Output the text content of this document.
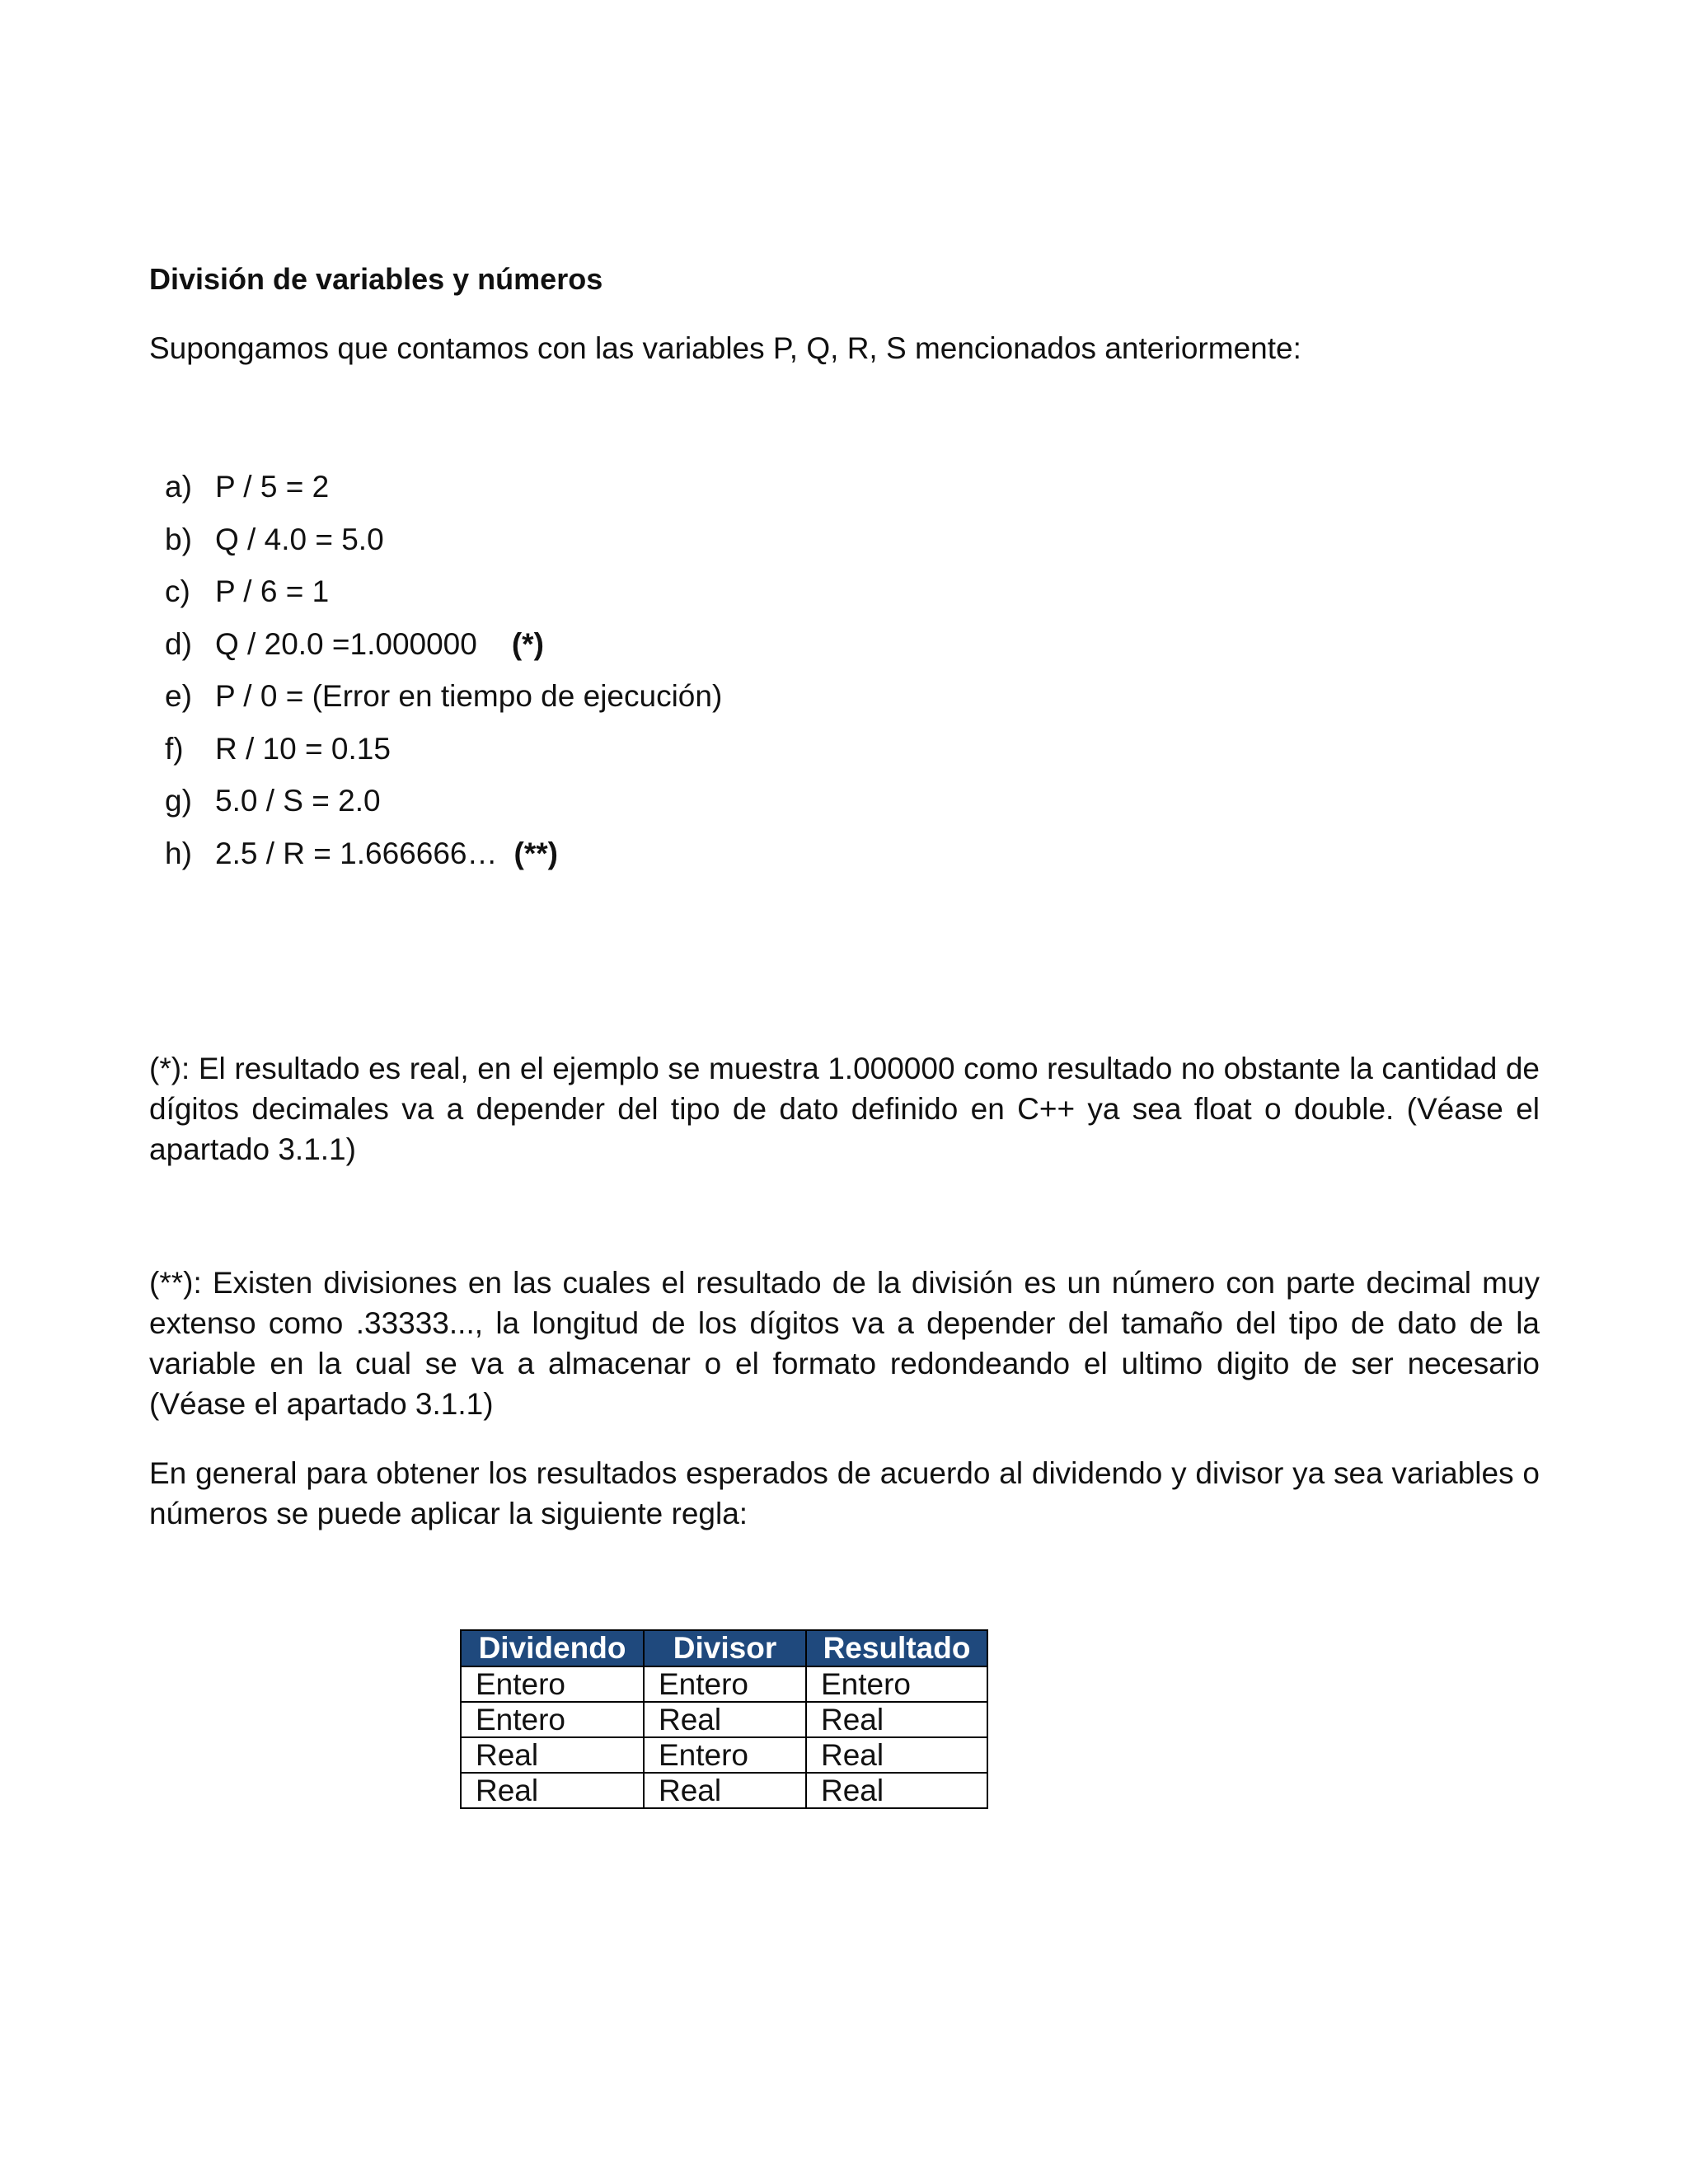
División de variables y números

Supongamos que contamos con las variables P, Q, R, S mencionados anteriormente:

a) P / 5 = 2
b) Q / 4.0 = 5.0
c) P / 6 = 1
d) Q / 20.0 =1.000000 (*)
e) P / 0 = (Error en tiempo de ejecución)
f)	R / 10 = 0.15
g) 5.0 / S = 2.0
h) 2.5 / R = 1.666666… (**)

(*): El resultado es real, en el ejemplo se muestra 1.000000 como resultado no obstante la cantidad de dígitos decimales va a depender del tipo de dato definido en C++ ya sea float o double. (Véase el apartado 3.1.1)

(**): Existen divisiones en las cuales el resultado de la división es un número con parte decimal muy extenso como .33333..., la longitud de los dígitos va a depender del tamaño del tipo de dato de la variable en la cual se va a almacenar o el formato redondeando el ultimo digito de ser necesario (Véase el apartado 3.1.1)

En general para obtener los resultados esperados de acuerdo al dividendo y divisor ya sea variables o números se puede aplicar la siguiente regla:

Dividendo	Divisor	Resultado
Entero	Entero	Entero
Entero	Real	Real
Real	Entero	Real
Real	Real	Real
